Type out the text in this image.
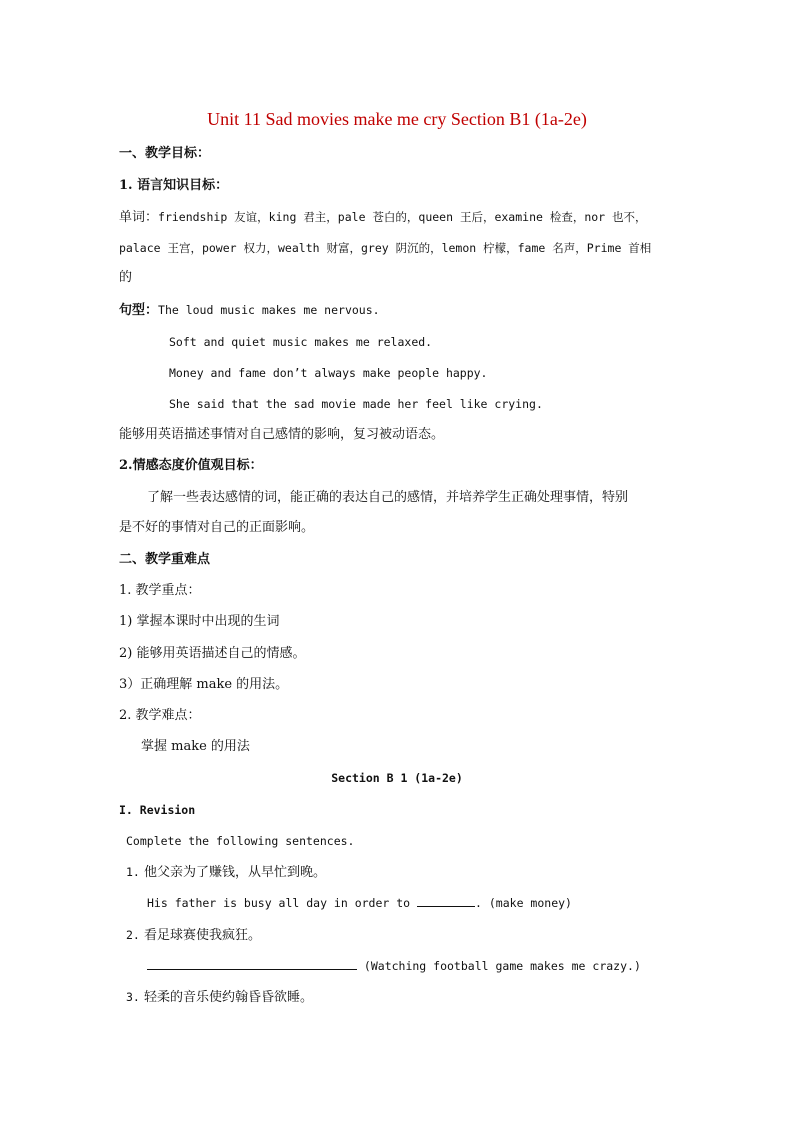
Unit 11 Sad movies make me cry Section B1 (1a-2e)
一、教学目标：
1. 语言知识目标：
单词：friendship 友谊，king 君主，pale 苍白的，queen 王后，examine 检查，nor 也不，
palace 王宫，power 权力，wealth 财富，grey 阴沉的，lemon 柠檬，fame 名声，Prime 首相
的
句型：The loud music makes me nervous.
Soft and quiet music makes me relaxed.
Money and fame don’t always make people happy.
She said that the sad movie made her feel like crying.
能够用英语描述事情对自己感情的影响，复习被动语态。
2.情感态度价值观目标：
了解一些表达感情的词，能正确的表达自己的感情，并培养学生正确处理事情，特别
是不好的事情对自己的正面影响。
二、教学重难点
1. 教学重点：
1) 掌握本课时中出现的生词
2) 能够用英语描述自己的情感。
3）正确理解 make 的用法。
2. 教学难点：
掌握 make 的用法
Section B 1 (1a-2e)
I. Revision
Complete the following sentences.
1. 他父亲为了赚钱，从早忙到晚。
His father is busy all day in order to	. (make money)
2. 看足球赛使我疯狂。
(Watching football game makes me crazy.)
3. 轻柔的音乐使约翰昏昏欲睡。
